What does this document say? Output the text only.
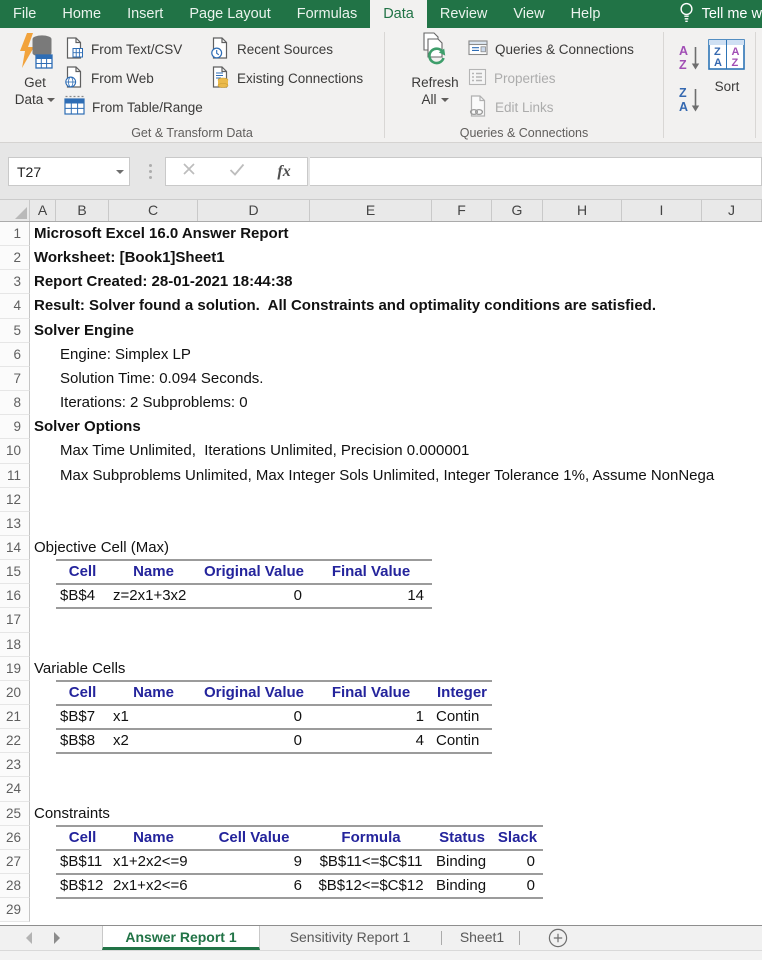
File	Home	Insert	Page Layout	Formulas	Data	Review	View	Help	Tell me w
Get
Data
From Text/CSV
From Web
From Table/Range
Recent Sources
Existing Connections
Get & Transform Data
Refresh
All
Queries & Connections
Properties
Edit Links
Queries & Connections
A
Z
Z
A
Z
A
A
Z
Sort
T27	fx
A	B	C	D	E	F	G	H	I	J
1
2
3
4
5
6
7
8
9
10
11
12
13
14
15
16
17
18
19
20
21
22
23
24
25
26
27
28
29
Microsoft Excel 16.0 Answer Report
Worksheet: [Book1]Sheet1
Report Created: 28-01-2021 18:44:38
Result: Solver found a solution.  All Constraints and optimality conditions are satisfied.
Solver Engine
Engine: Simplex LP
Solution Time: 0.094 Seconds.
Iterations: 2 Subproblems: 0
Solver Options
Max Time Unlimited,  Iterations Unlimited, Precision 0.000001
Max Subproblems Unlimited, Max Integer Sols Unlimited, Integer Tolerance 1%, Assume NonNega
Objective Cell (Max)
Cell	Name	Original Value	Final Value
$B$4 z=2x1+3x2	0	14
Variable Cells
Cell	Name	Original Value	Final Value	Integer
$B$7 x1	0	1 Contin
$B$8 x2	0	4 Contin
Constraints
Cell	Name	Cell Value	Formula	Status Slack
$B$11 x1+2x2<=9	9	$B$11<=$C$11 Binding	0
$B$12 2x1+x2<=6	6	$B$12<=$C$12 Binding	0
Answer Report 1	Sensitivity Report 1	Sheet1
